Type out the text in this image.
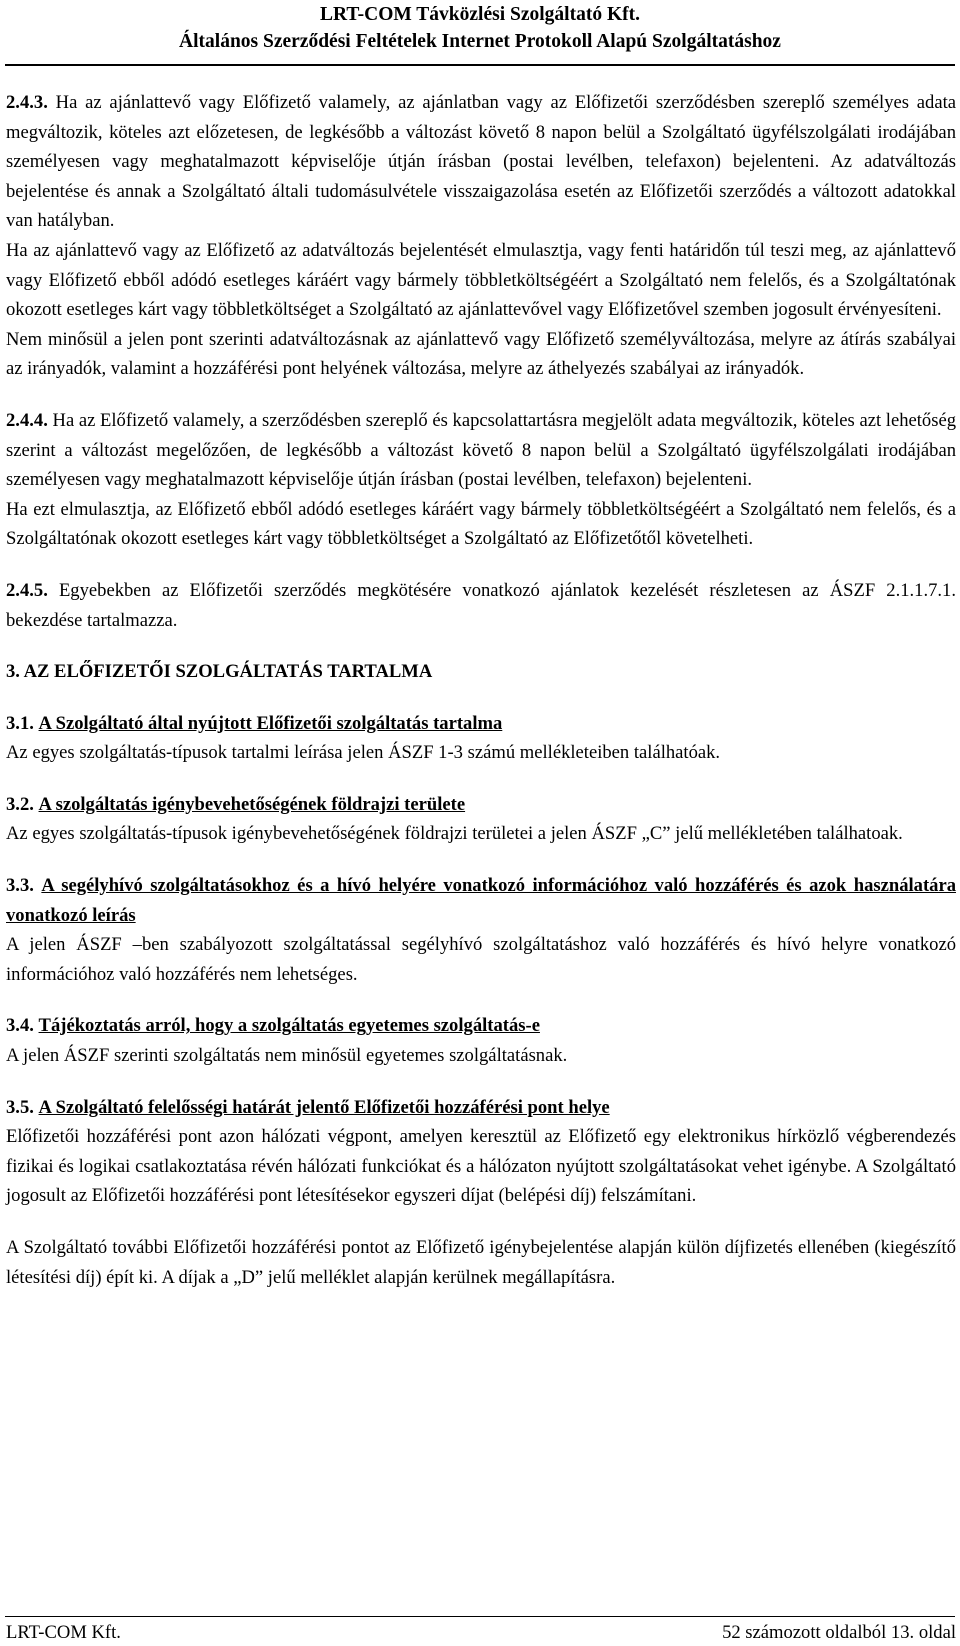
LRT-COM Távközlési Szolgáltató Kft.
Általános Szerződési Feltételek Internet Protokoll Alapú Szolgáltatáshoz

2.4.3. Ha az ajánlattevő vagy Előfizető valamely, az ajánlatban vagy az Előfizetői szerződésben szereplő személyes adata megváltozik, köteles azt előzetesen, de legkésőbb a változást követő 8 napon belül a Szolgáltató ügyfélszolgálati irodájában személyesen vagy meghatalmazott képviselője útján írásban (postai levélben, telefaxon) bejelenteni. Az adatváltozás bejelentése és annak a Szolgáltató általi tudomásulvétele visszaigazolása esetén az Előfizetői szerződés a változott adatokkal van hatályban.

Ha az ajánlattevő vagy az Előfizető az adatváltozás bejelentését elmulasztja, vagy fenti határidőn túl teszi meg, az ajánlattevő vagy Előfizető ebből adódó esetleges káráért vagy bármely többletköltségéért a Szolgáltató nem felelős, és a Szolgáltatónak okozott esetleges kárt vagy többletköltséget a Szolgáltató az ajánlattevővel vagy Előfizetővel szemben jogosult érvényesíteni.

Nem minősül a jelen pont szerinti adatváltozásnak az ajánlattevő vagy Előfizető személyváltozása, melyre az átírás szabályai az irányadók, valamint a hozzáférési pont helyének változása, melyre az áthelyezés szabályai az irányadók.

2.4.4. Ha az Előfizető valamely, a szerződésben szereplő és kapcsolattartásra megjelölt adata megváltozik, köteles azt lehetőség szerint a változást megelőzően, de legkésőbb a változást követő 8 napon belül a Szolgáltató ügyfélszolgálati irodájában személyesen vagy meghatalmazott képviselője útján írásban (postai levélben, telefaxon) bejelenteni.

Ha ezt elmulasztja, az Előfizető ebből adódó esetleges káráért vagy bármely többletköltségéért a Szolgáltató nem felelős, és a Szolgáltatónak okozott esetleges kárt vagy többletköltséget a Szolgáltató az Előfizetőtől követelheti.

2.4.5. Egyebekben az Előfizetői szerződés megkötésére vonatkozó ajánlatok kezelését részletesen az ÁSZF 2.1.1.7.1. bekezdése tartalmazza.

3. AZ ELŐFIZETŐI SZOLGÁLTATÁS TARTALMA

3.1. A Szolgáltató által nyújtott Előfizetői szolgáltatás tartalma

Az egyes szolgáltatás-típusok tartalmi leírása jelen ÁSZF 1-3 számú mellékleteiben találhatóak.

3.2. A szolgáltatás igénybevehetőségének földrajzi területe

Az egyes szolgáltatás-típusok igénybevehetőségének földrajzi területei a jelen ÁSZF „C” jelű mellékletében találhatoak.

3.3. A segélyhívó szolgáltatásokhoz és a hívó helyére vonatkozó információhoz való hozzáférés és azok használatára vonatkozó leírás

A jelen ÁSZF –ben szabályozott szolgáltatással segélyhívó szolgáltatáshoz való hozzáférés és hívó helyre vonatkozó információhoz való hozzáférés nem lehetséges.

3.4. Tájékoztatás arról, hogy a szolgáltatás egyetemes szolgáltatás-e

A jelen ÁSZF szerinti szolgáltatás nem minősül egyetemes szolgáltatásnak.

3.5. A Szolgáltató felelősségi határát jelentő Előfizetői hozzáférési pont helye

Előfizetői hozzáférési pont azon hálózati végpont, amelyen keresztül az Előfizető egy elektronikus hírközlő végberendezés fizikai és logikai csatlakoztatása révén hálózati funkciókat és a hálózaton nyújtott szolgáltatásokat vehet igénybe. A Szolgáltató jogosult az Előfizetői hozzáférési pont létesítésekor egyszeri díjat (belépési díj) felszámítani.

A Szolgáltató további Előfizetői hozzáférési pontot az Előfizető igénybejelentése alapján külön díjfizetés ellenében (kiegészítő létesítési díj) épít ki. A díjak a „D” jelű melléklet alapján kerülnek megállapításra.

LRT-COM Kft.	52 számozott oldalból 13. oldal
